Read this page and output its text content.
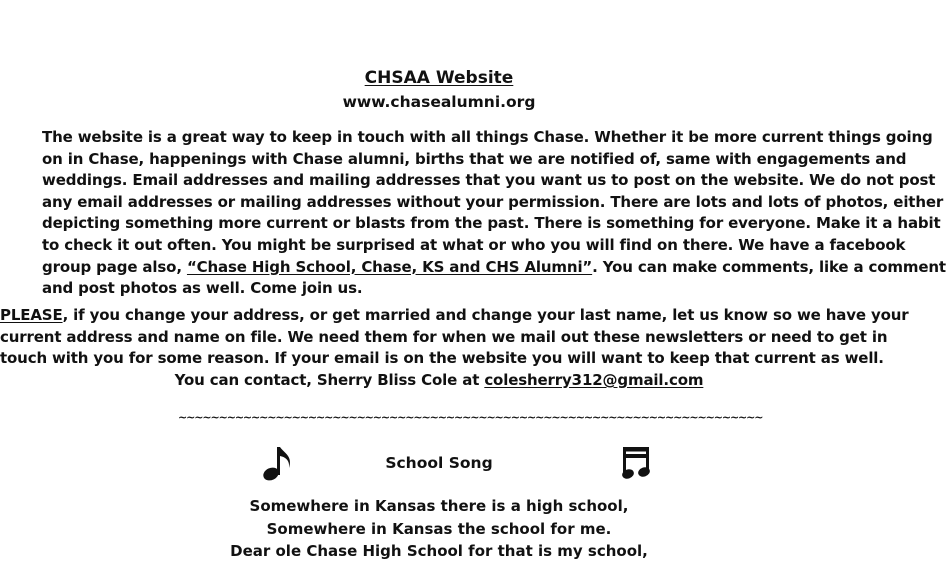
CHSAA Website
www.chasealumni.org
The website is a great way to keep in touch with all things Chase. Whether it be more current things going
on in Chase, happenings with Chase alumni, births that we are notified of, same with engagements and
weddings. Email addresses and mailing addresses that you want us to post on the website. We do not post
any email addresses or mailing addresses without your permission. There are lots and lots of photos, either
depicting something more current or blasts from the past. There is something for everyone. Make it a habit
to check it out often. You might be surprised at what or who you will find on there. We have a facebook
group page also, “Chase High School, Chase, KS and CHS Alumni”. You can make comments, like a comment
and post photos as well. Come join us.
PLEASE, if you change your address, or get married and change your last name, let us know so we have your
current address and name on file. We need them for when we mail out these newsletters or need to get in
touch with you for some reason. If your email is on the website you will want to keep that current as well.
You can contact, Sherry Bliss Cole at colesherry312@gmail.com
~~~~~~~~~~~~~~~~~~~~~~~~~~~~~~~~~~~~~~~~~~~~~~~~~~~~~~~~~~~~~~~~~~~~~~~~
School Song
Somewhere in Kansas there is a high school,
Somewhere in Kansas the school for me.
Dear ole Chase High School for that is my school,
